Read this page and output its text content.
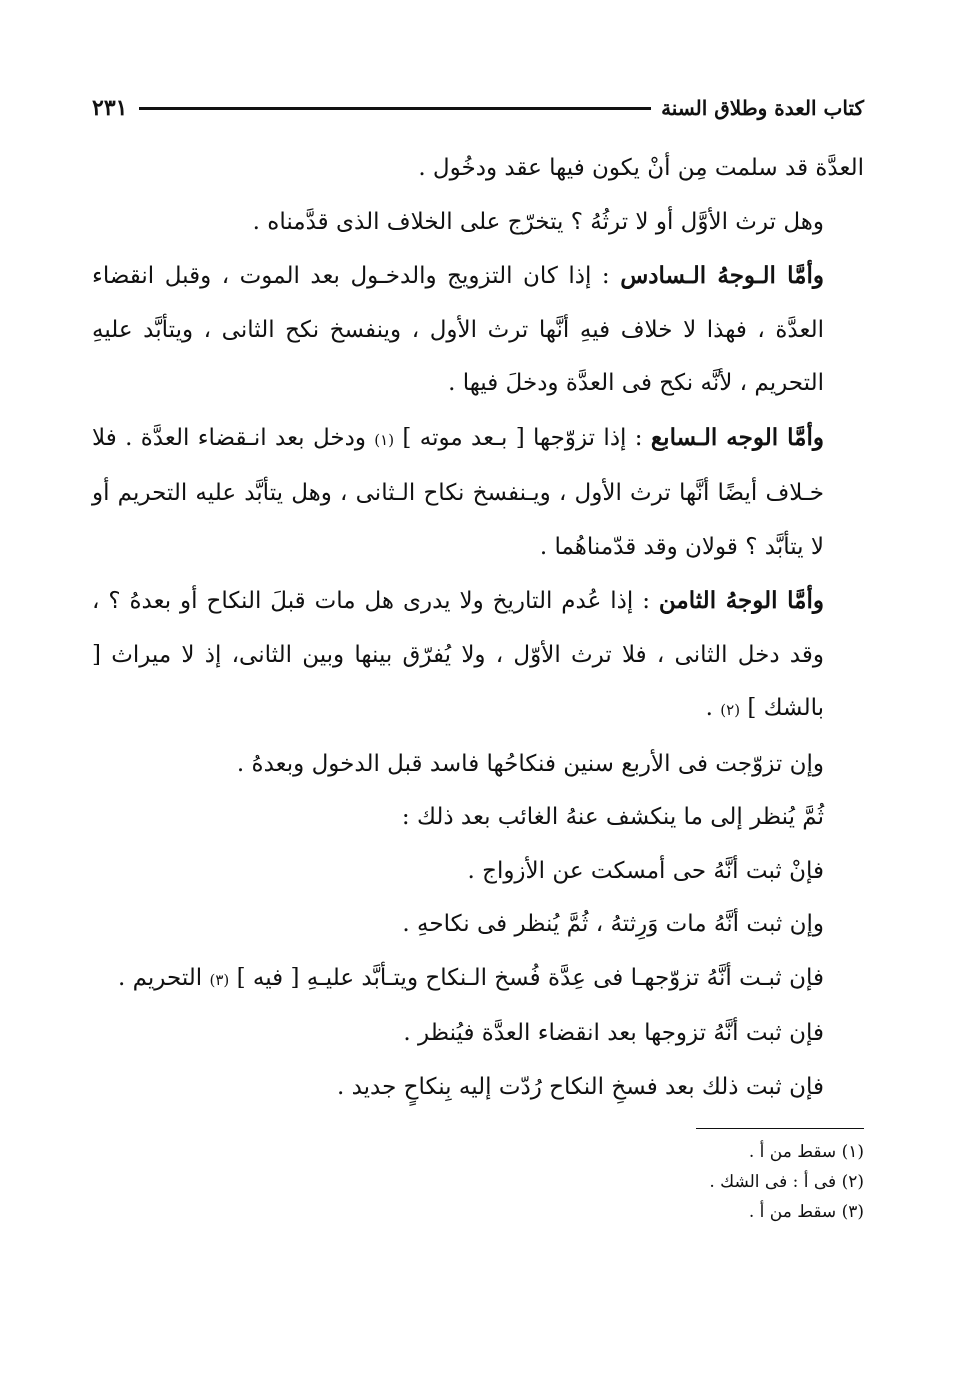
كتاب العدة وطلاق السنة
٢٣١

العدَّة قد سلمت مِن أنْ يكون فيها عقد ودخُول .

وهل ترث الأوَّل أو لا ترثُهُ ؟ يتخرّج على الخلاف الذى قدَّمناه .

وأمَّا الـوجهُ الـسادس : إذا كان التزويج والدخـول بعد الموت ، وقبل انقضاء العدَّة ، فهذا لا خلاف فيهِ أنَّها ترث الأول ، وينفسخ نكح الثانى ، ويتأبَّد عليهِ التحريم ، لأنَّه نكح فى العدَّة ودخلَ فيها .

وأمَّا الوجه الـسابع : إذا تزوّجها [ بـعد موته ] (١) ودخل بعد انـقضاء العدَّة . فلا خـلاف أيضًا أنَّها ترث الأول ، ويـنفسخ نكاح الـثانى ، وهل يتأبَّد عليه التحريم أو لا يتأبَّد ؟ قولان وقد قدّمناهُما .

وأمَّا الوجهُ الثامن : إذا عُدم التاريخ ولا يدرى هل مات قبلَ النكاح أو بعدهُ ؟ ، وقد دخل الثانى ، فلا ترث الأوّل ، ولا يُفرّق بينها وبين الثانى، إذ لا ميراث [ بالشك ] (٢) .

وإن تزوّجت فى الأربع سنين فنكاحُها فاسد قبل الدخول وبعدهُ .

ثُمَّ يُنظر إلى ما ينكشف عنهُ الغائب بعد ذلك :

فإنْ ثبت أنَّهُ حى أمسكت عن الأزواج .

وإن ثبت أنَّهُ مات وَرِثتهُ ، ثُمَّ يُنظر فى نكاحهِ .

فإن ثبـت أنَّهُ تزوّجهـا فى عِدَّة فُسخ الـنكاح ويتـأبَّد عليـهِ [ فيه ] (٣) التحريم .

فإن ثبت أنَّهُ تزوجها بعد انقضاء العدَّة فيُنظر .

فإن ثبت ذلك بعد فسخِ النكاح رُدّت إليه بِنكاحٍ جديد .

(١) سقط من أ .
(٢) فى أ : فى الشك .
(٣) سقط من أ .
